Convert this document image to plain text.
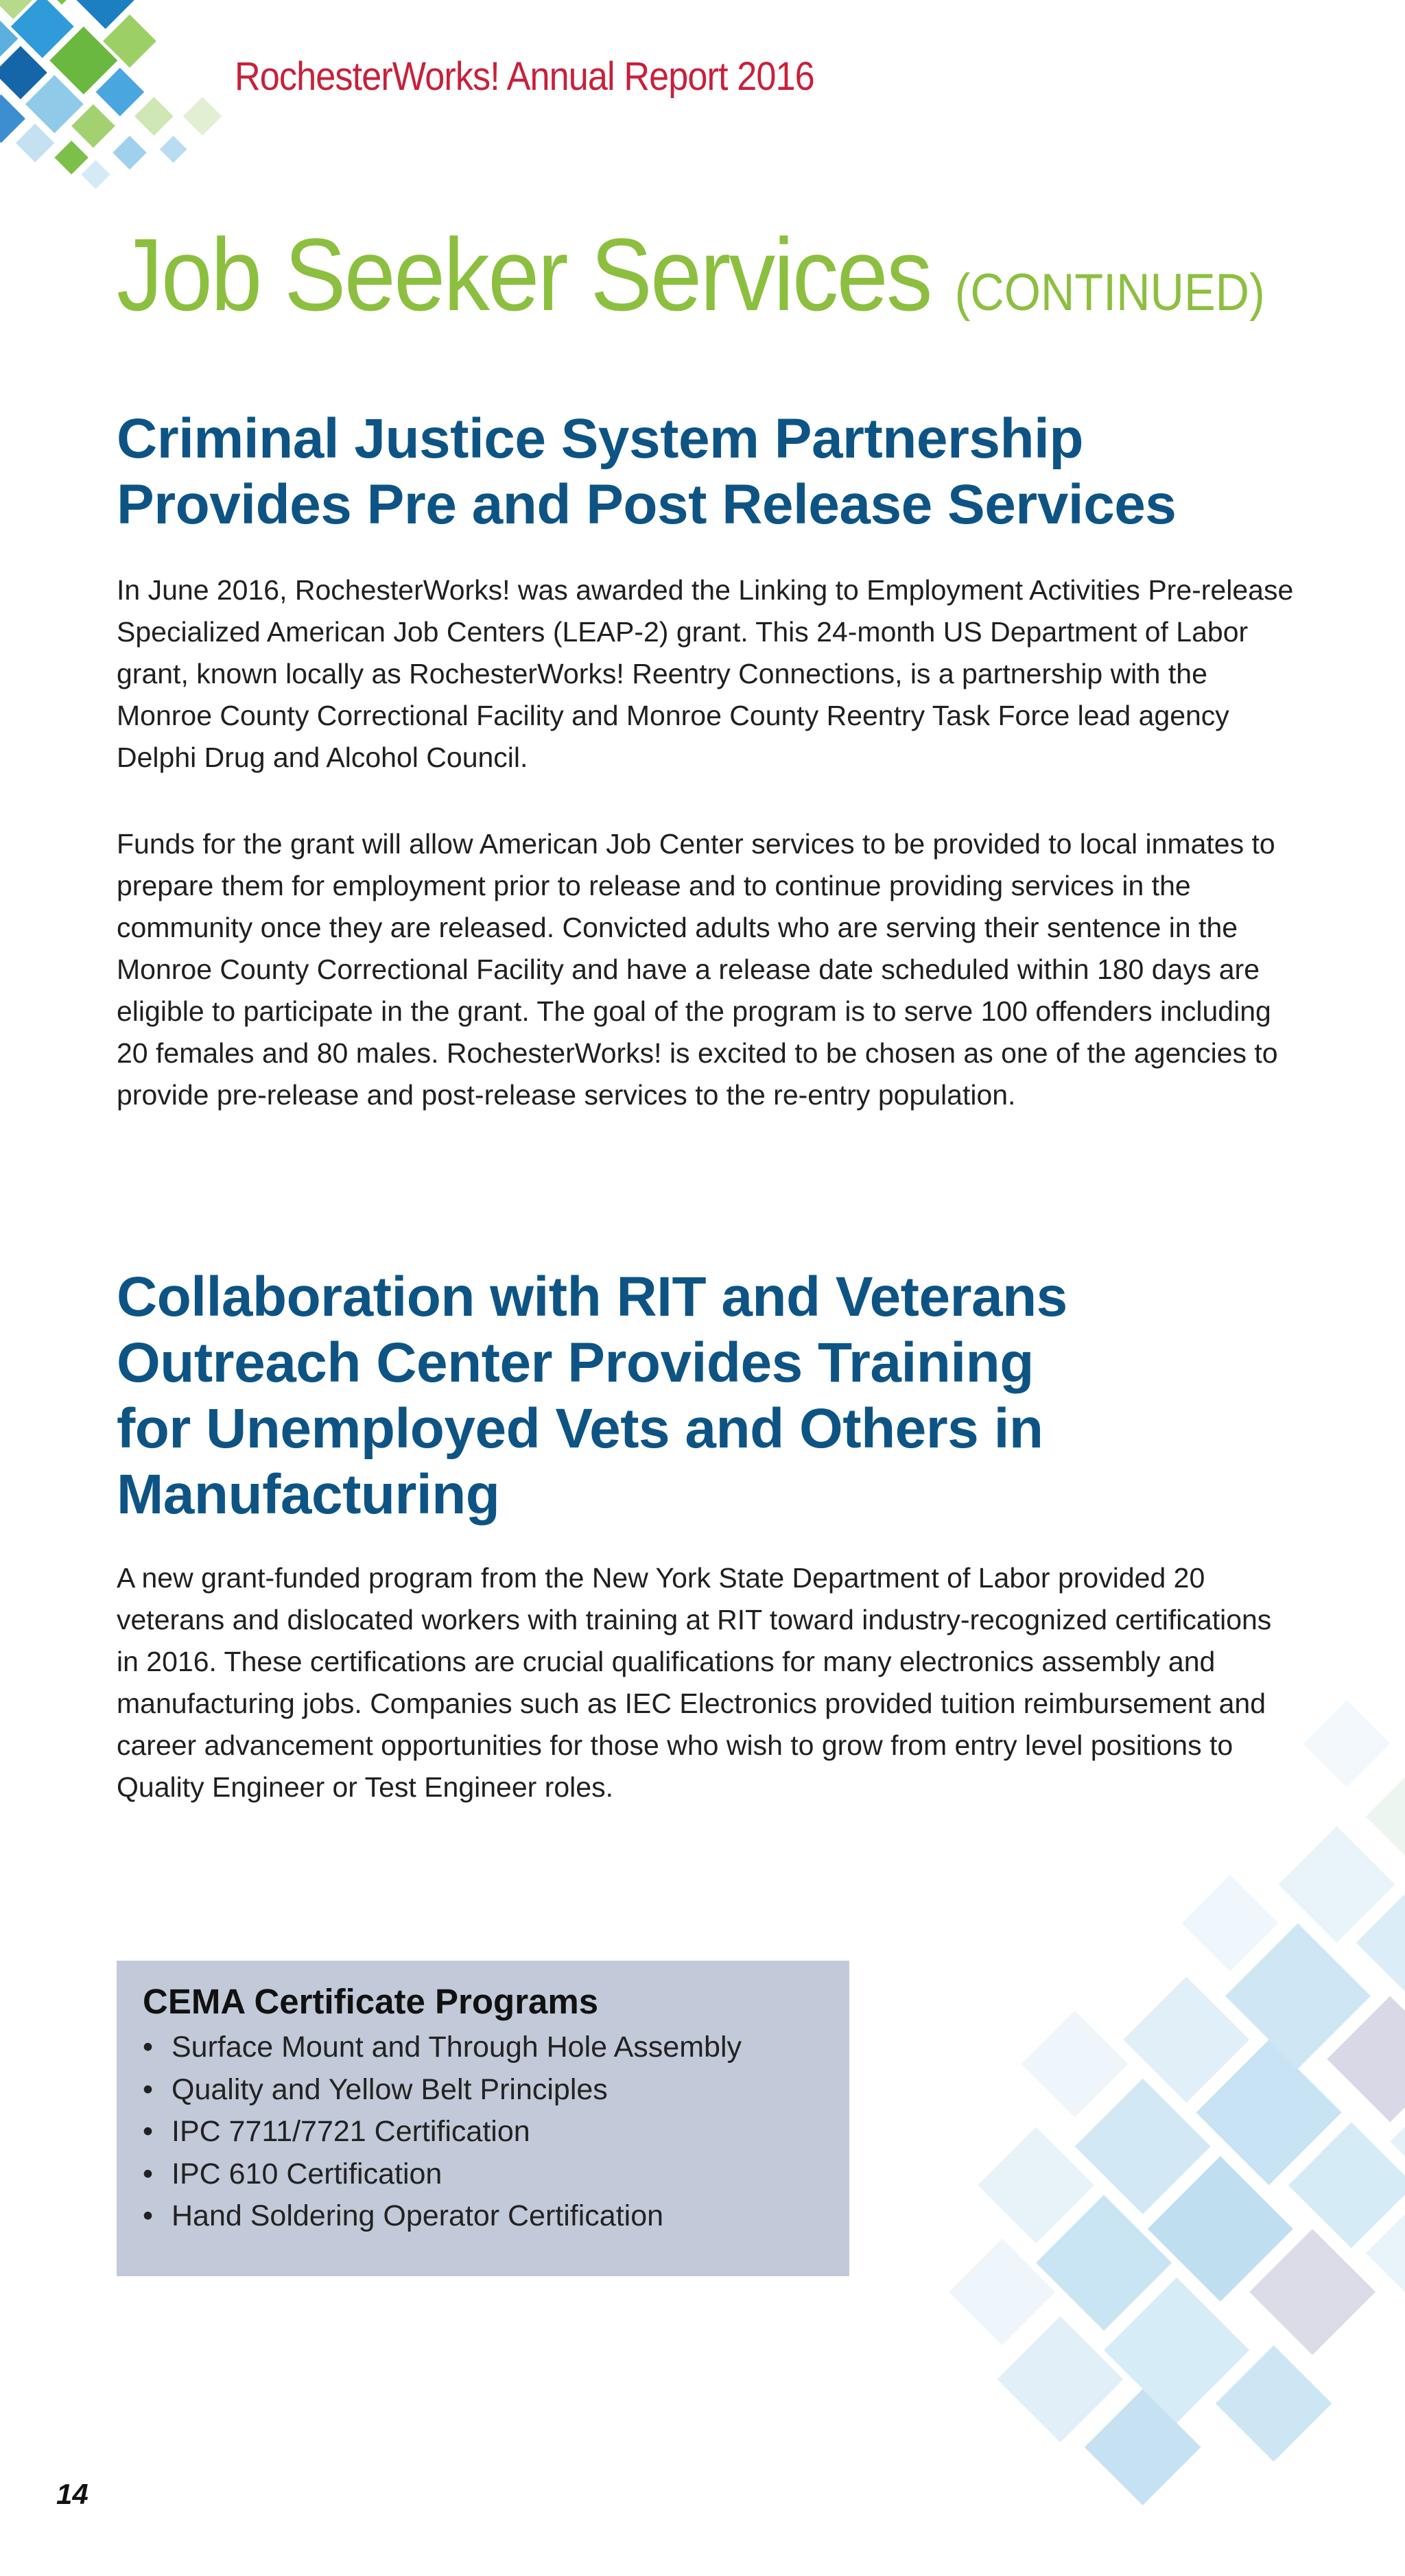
RochesterWorks! Annual Report 2016
Job Seeker Services (CONTINUED)
Criminal Justice System Partnership
Provides Pre and Post Release Services

In June 2016, RochesterWorks! was awarded the Linking to Employment Activities Pre-release Specialized American Job Centers (LEAP-2) grant. This 24-month US Department of Labor grant, known locally as RochesterWorks! Reentry Connections, is a partnership with the Monroe County Correctional Facility and Monroe County Reentry Task Force lead agency Delphi Drug and Alcohol Council.

Funds for the grant will allow American Job Center services to be provided to local inmates to prepare them for employment prior to release and to continue providing services in the community once they are released. Convicted adults who are serving their sentence in the Monroe County Correctional Facility and have a release date scheduled within 180 days are eligible to participate in the grant. The goal of the program is to serve 100 offenders including 20 females and 80 males. RochesterWorks! is excited to be chosen as one of the agencies to provide pre-release and post-release services to the re-entry population.

Collaboration with RIT and Veterans
Outreach Center Provides Training
for Unemployed Vets and Others in
Manufacturing

A new grant-funded program from the New York State Department of Labor provided 20 veterans and dislocated workers with training at RIT toward industry-recognized certifications in 2016. These certifications are crucial qualifications for many electronics assembly and manufacturing jobs. Companies such as IEC Electronics provided tuition reimbursement and career advancement opportunities for those who wish to grow from entry level positions to Quality Engineer or Test Engineer roles.

CEMA Certificate Programs
• Surface Mount and Through Hole Assembly
• Quality and Yellow Belt Principles
• IPC 7711/7721 Certification
• IPC 610 Certification
• Hand Soldering Operator Certification
14
